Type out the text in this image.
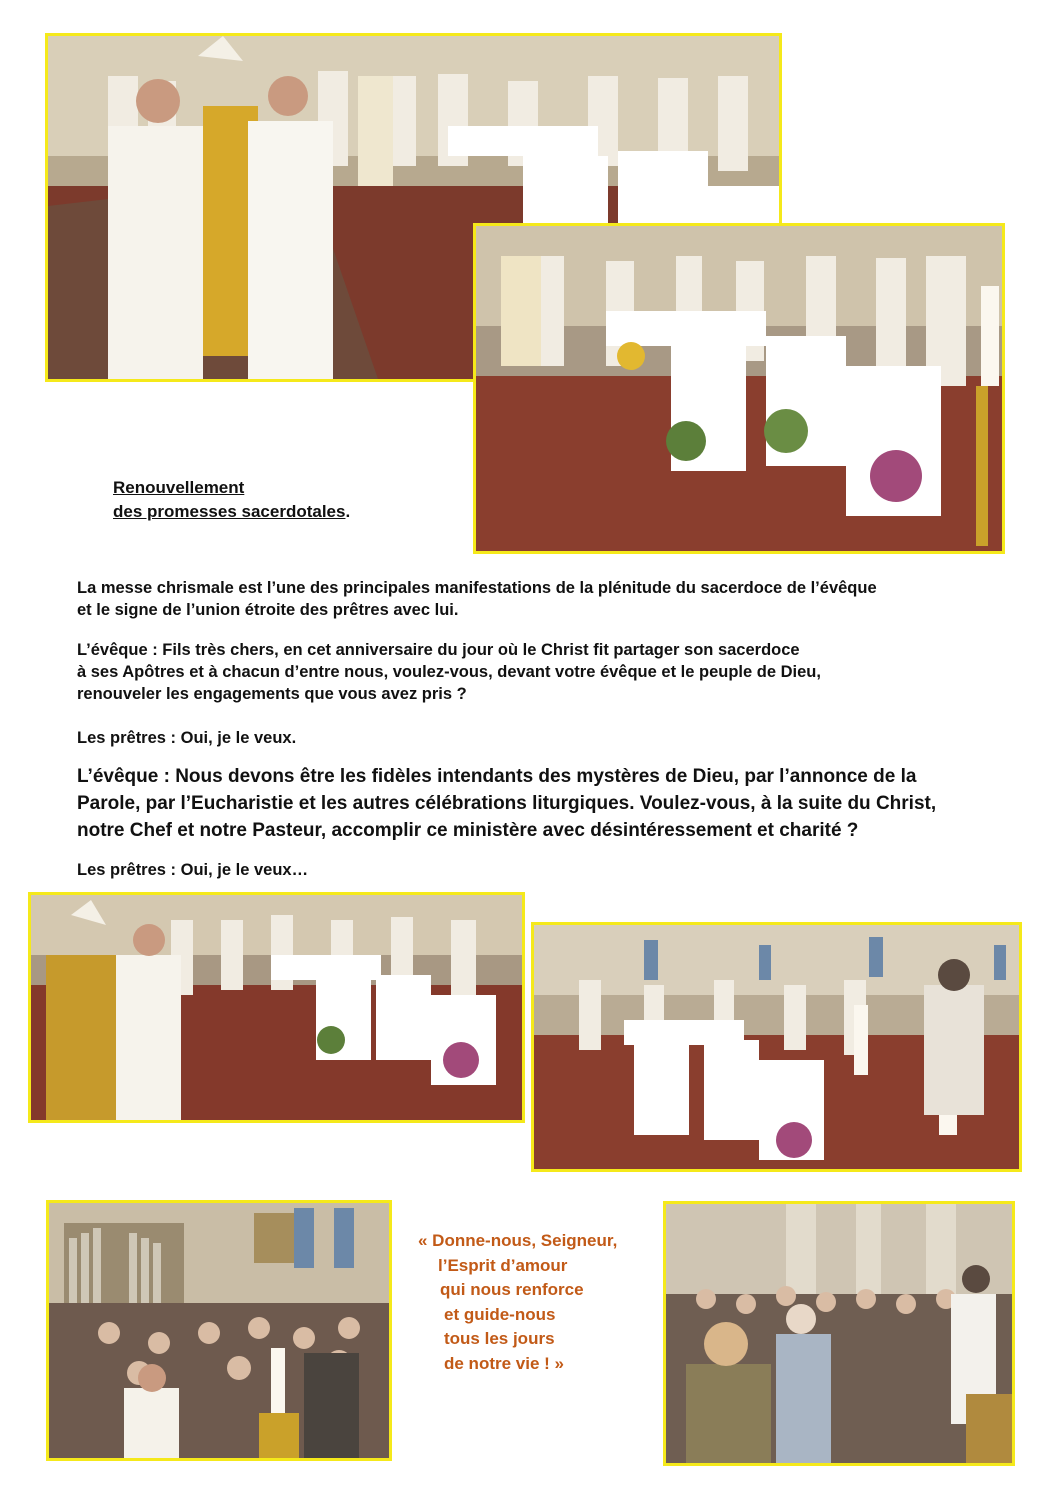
Renouvellement
des promesses sacerdotales.
La messe chrismale est l’une des principales manifestations de la plénitude du sacerdoce de l’évêque
et le signe de l’union étroite des prêtres avec lui.
L’évêque : Fils très chers, en cet anniversaire du jour où le Christ fit partager son sacerdoce
à ses Apôtres et à chacun d’entre nous, voulez-vous, devant votre évêque et le peuple de Dieu,
renouveler les engagements que vous avez pris ?
Les prêtres : Oui, je le veux.
L’évêque : Nous devons être les fidèles intendants des mystères de Dieu, par l’annonce de la
Parole, par l’Eucharistie et les autres célébrations liturgiques. Voulez-vous, à la suite du Christ,
notre Chef et notre Pasteur, accomplir ce ministère avec désintéressement et charité ?
Les prêtres : Oui, je le veux…
« Donne-nous, Seigneur,
l’Esprit d’amour
qui nous renforce
et guide-nous
tous les jours
de notre vie ! »
